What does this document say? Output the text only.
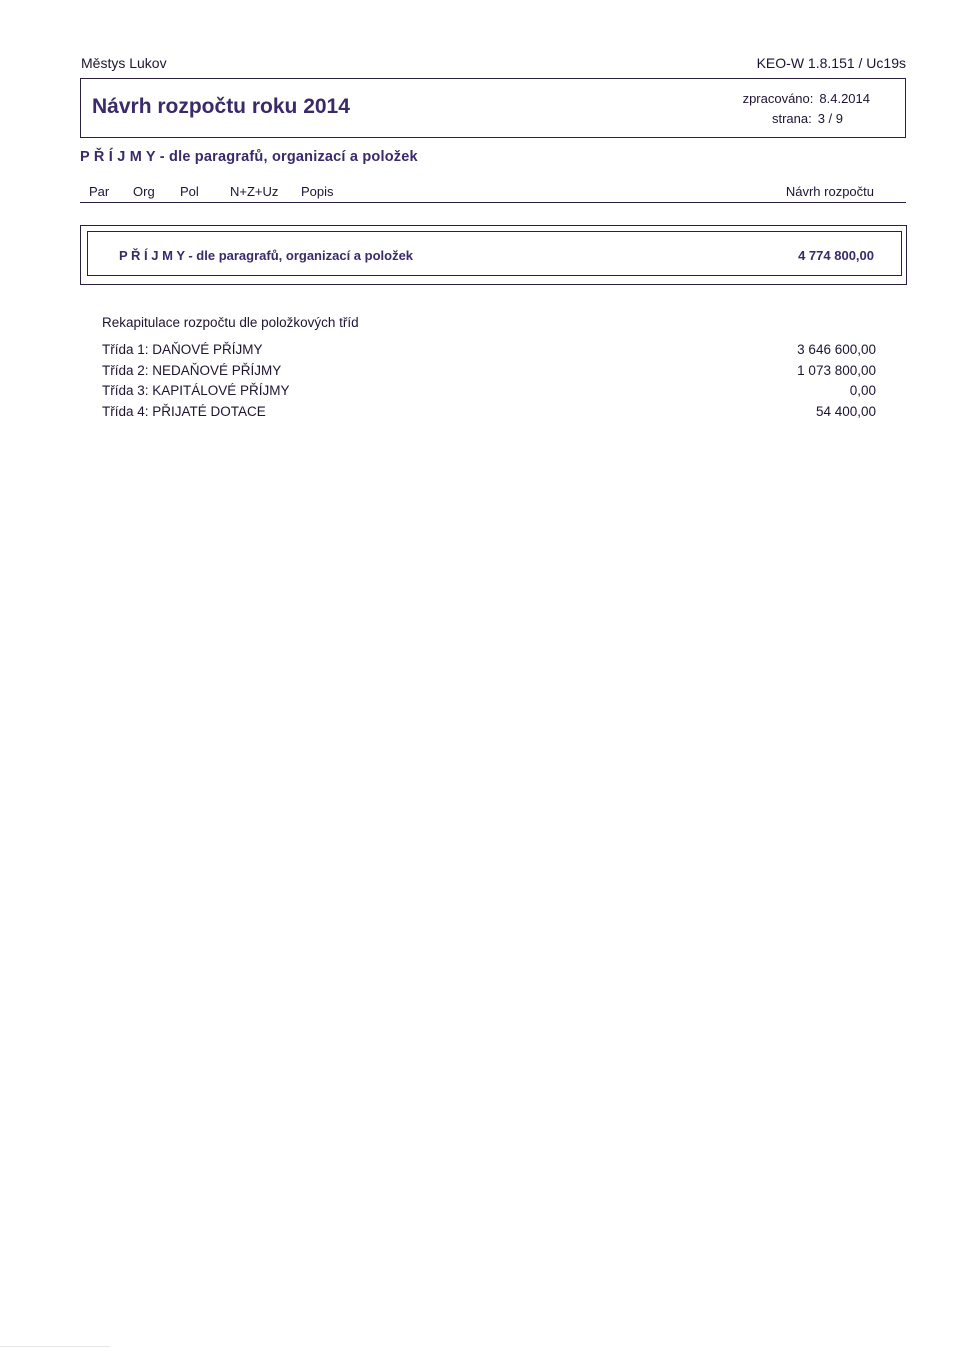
Městys Lukov	KEO-W 1.8.151 / Uc19s
Návrh rozpočtu roku 2014	zpracováno: 8.4.2014
strana: 3 / 9
P Ř Í J M Y - dle paragrafů, organizací a položek
Par Org Pol N+Z+Uz Popis	Návrh rozpočtu
P Ř Í J M Y - dle paragrafů, organizací a položek	4 774 800,00
Rekapitulace rozpočtu dle položkových tříd
Třída 1: DAŇOVÉ PŘÍJMY	3 646 600,00
Třída 2: NEDAŇOVÉ PŘÍJMY	1 073 800,00
Třída 3: KAPITÁLOVÉ PŘÍJMY	0,00
Třída 4: PŘIJATÉ DOTACE	54 400,00
